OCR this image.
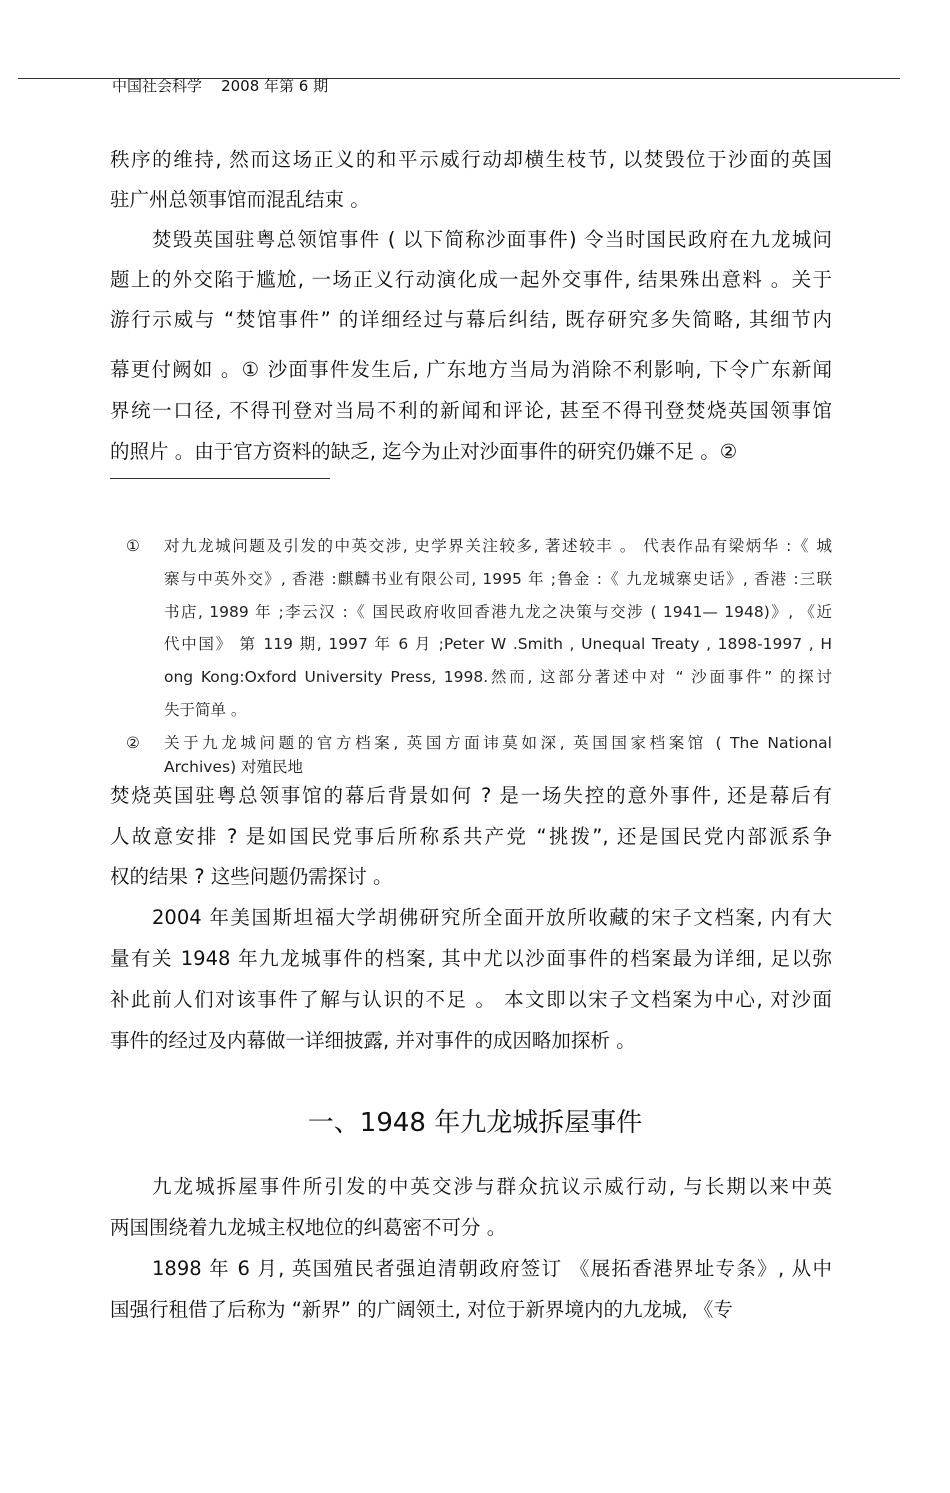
中国社会科学 2008 年第 6 期
一、1948 年九龙城拆屋事件
秩序的维持, 然而这场正义的和平示威行动却横生枝节, 以焚毁位于沙面的英国
驻广州总领事馆而混乱结束 。
焚毁英国驻粤总领馆事件 ( 以下简称沙面事件) 令当时国民政府在九龙城问
题上的外交陷于尴尬, 一场正义行动演化成一起外交事件, 结果殊出意料 。关于
游行示威与 “焚馆事件” 的详细经过与幕后纠结, 既存研究多失简略, 其细节内
幕更付阙如 。① 沙面事件发生后, 广东地方当局为消除不利影响, 下令广东新闻
界统一口径, 不得刊登对当局不利的新闻和评论, 甚至不得刊登焚烧英国领事馆
的照片 。由于官方资料的缺乏, 迄今为止对沙面事件的研究仍嫌不足 。②
焚烧英国驻粤总领事馆的幕后背景如何 ? 是一场失控的意外事件, 还是幕后有
人故意安排 ? 是如国民党事后所称系共产党 “挑拨”, 还是国民党内部派系争
权的结果 ? 这些问题仍需探讨 。
2004 年美国斯坦福大学胡佛研究所全面开放所收藏的宋子文档案, 内有大
量有关 1948 年九龙城事件的档案, 其中尤以沙面事件的档案最为详细, 足以弥
补此前人们对该事件了解与认识的不足 。 本文即以宋子文档案为中心, 对沙面
事件的经过及内幕做一详细披露, 并对事件的成因略加探析 。
九龙城拆屋事件所引发的中英交涉与群众抗议示威行动, 与长期以来中英
两国围绕着九龙城主权地位的纠葛密不可分 。
1898 年 6 月, 英国殖民者强迫清朝政府签订 《展拓香港界址专条》, 从中
国强行租借了后称为 “新界” 的广阔领土, 对位于新界境内的九龙城, 《专
① 对九龙城问题及引发的中英交涉, 史学界关注较多, 著述较丰 。 代表作品有梁炳华 :《 城
寨与中英外交》, 香港 :麒麟书业有限公司, 1995 年 ;鲁金 :《 九龙城寨史话》, 香港 :三联
书店, 1989 年 ;李云汉 :《 国民政府收回香港九龙之决策与交涉 ( 1941— 1948)》, 《近
代中国》 第 119 期, 1997 年 6 月 ;Peter W .Smith , Unequal Treaty , 1898-1997 , H
ong Kong:Oxford University Press, 1998.然而, 这部分著述中对 “ 沙面事件” 的探讨
失于简单 。
② 关于九龙城问题的官方档案, 英国方面讳莫如深, 英国国家档案馆 ( The National
Archives) 对殖民地
